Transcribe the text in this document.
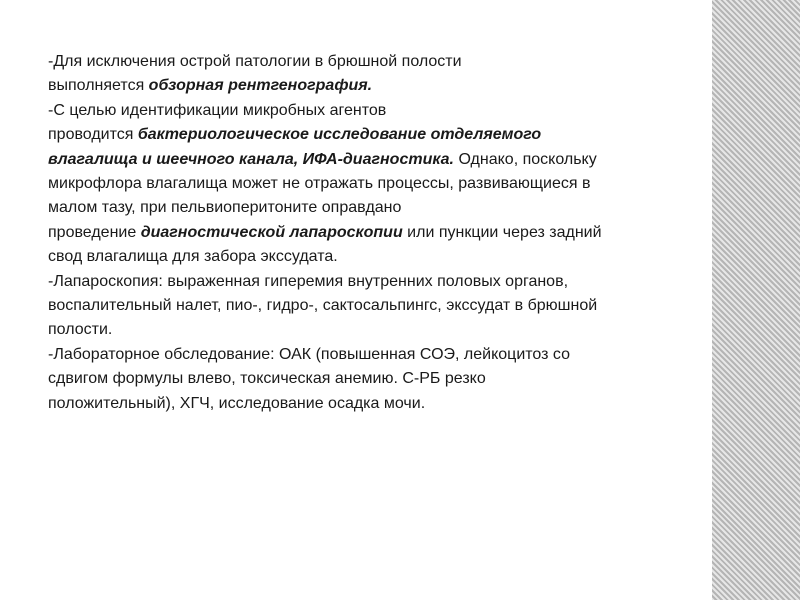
-Для исключения острой патологии в брюшной полости
выполняется обзорная рентгенография.
-С целью идентификации микробных агентов
проводится бактериологическое исследование отделяемого
влагалища и шеечного канала, ИФА-диагностика. Однако, поскольку
микрофлора влагалища может не отражать процессы, развивающиеся в
малом тазу, при пельвиоперитоните оправдано
проведение диагностической лапароскопии или пункции через задний
свод влагалища для забора экссудата.
-Лапароскопия: выраженная гиперемия внутренних половых органов,
воспалительный налет, пио-, гидро-, сактосальпингс, экссудат в брюшной
полости.
-Лабораторное обследование: ОАК (повышенная СОЭ, лейкоцитоз со
сдвигом формулы влево, токсическая анемию. С-РБ резко
положительный), ХГЧ, исследование осадка мочи.
